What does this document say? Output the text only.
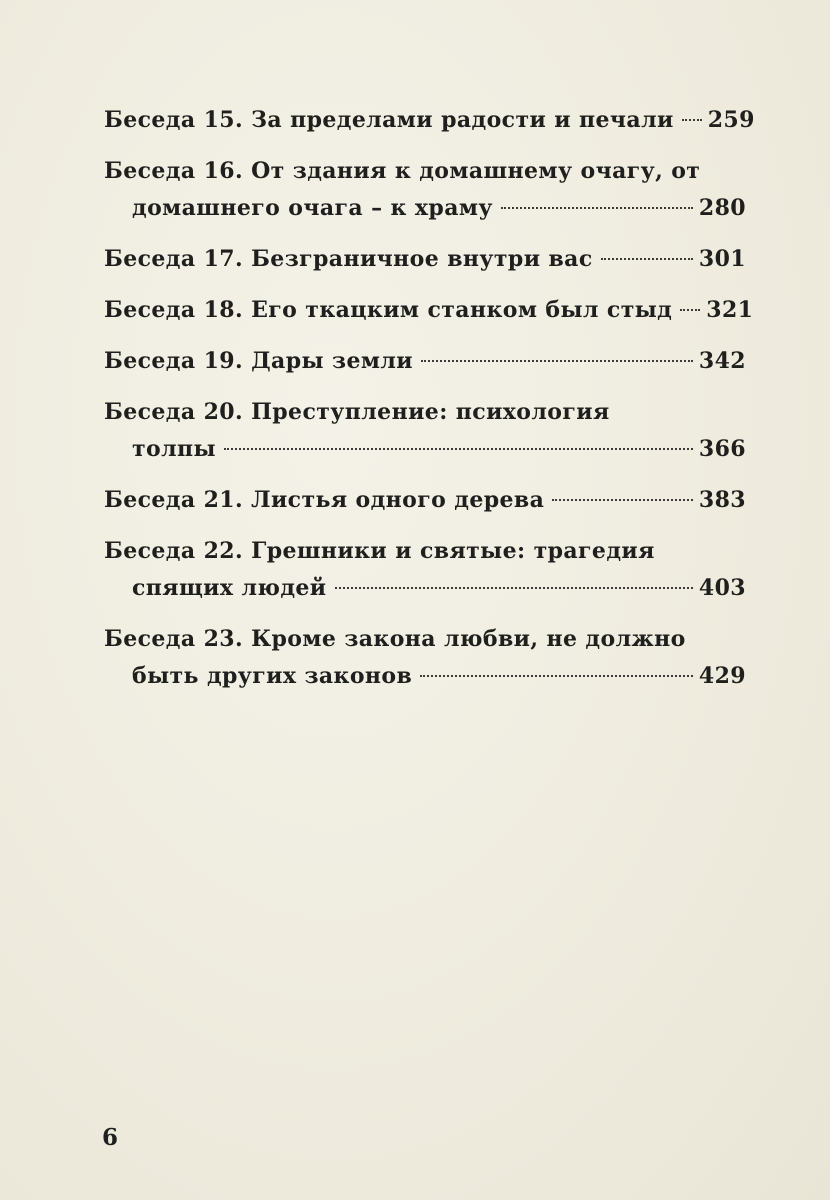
Беседа 15. За пределами радости и печали 259
Беседа 16. От здания к домашнему очагу, от
домашнего очага – к храму	280
Беседа 17. Безграничное внутри вас	301
Беседа 18. Его ткацким станком был стыд 321
Беседа 19. Дары земли	342
Беседа 20. Преступление: психология
толпы	366
Беседа 21. Листья одного дерева	383
Беседа 22. Грешники и святые: трагедия
спящих людей	403
Беседа 23. Кроме закона любви, не должно
быть других законов	429
6
